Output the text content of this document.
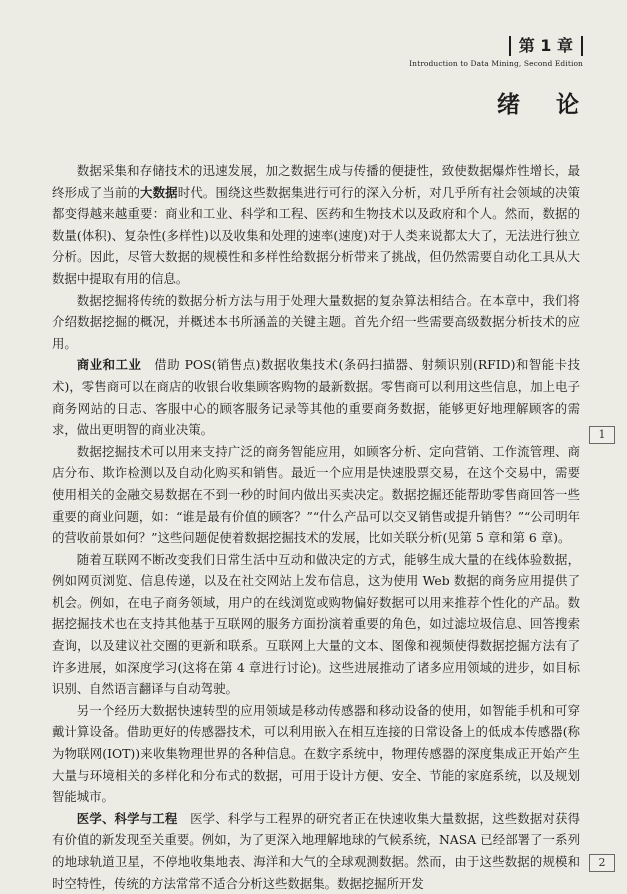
第 1 章
Introduction to Data Mining, Second Edition
绪论

数据采集和存储技术的迅速发展，加之数据生成与传播的便捷性，致使数据爆炸性增长，最终形成了当前的大数据时代。围绕这些数据集进行可行的深入分析，对几乎所有社会领域的决策都变得越来越重要：商业和工业、科学和工程、医药和生物技术以及政府和个人。然而，数据的数量(体积)、复杂性(多样性)以及收集和处理的速率(速度)对于人类来说都太大了，无法进行独立分析。因此，尽管大数据的规模性和多样性给数据分析带来了挑战，但仍然需要自动化工具从大数据中提取有用的信息。

数据挖掘将传统的数据分析方法与用于处理大量数据的复杂算法相结合。在本章中，我们将介绍数据挖掘的概况，并概述本书所涵盖的关键主题。首先介绍一些需要高级数据分析技术的应用。

商业和工业　 借助 POS(销售点)数据收集技术(条码扫描器、射频识别(RFID)和智能卡技术)，零售商可以在商店的收银台收集顾客购物的最新数据。零售商可以利用这些信息，加上电子商务网站的日志、客服中心的顾客服务记录等其他的重要商务数据，能够更好地理解顾客的需求，做出更明智的商业决策。

数据挖掘技术可以用来支持广泛的商务智能应用，如顾客分析、定向营销、工作流管理、商店分布、欺诈检测以及自动化购买和销售。最近一个应用是快速股票交易，在这个交易中，需要使用相关的金融交易数据在不到一秒的时间内做出买卖决定。数据挖掘还能帮助零售商回答一些重要的商业问题，如：“谁是最有价值的顾客？”“什么产品可以交叉销售或提升销售？”“公司明年的营收前景如何？”这些问题促使着数据挖掘技术的发展，比如关联分析(见第 5 章和第 6 章)。

随着互联网不断改变我们日常生活中互动和做决定的方式，能够生成大量的在线体验数据，例如网页浏览、信息传递，以及在社交网站上发布信息，这为使用 Web 数据的商务应用提供了机会。例如，在电子商务领域，用户的在线浏览或购物偏好数据可以用来推荐个性化的产品。数据挖掘技术也在支持其他基于互联网的服务方面扮演着重要的角色，如过滤垃圾信息、回答搜索查询，以及建议社交圈的更新和联系。互联网上大量的文本、图像和视频使得数据挖掘方法有了许多进展，如深度学习(这将在第 4 章进行讨论)。这些进展推动了诸多应用领域的进步，如目标识别、自然语言翻译与自动驾驶。

另一个经历大数据快速转型的应用领域是移动传感器和移动设备的使用，如智能手机和可穿戴计算设备。借助更好的传感器技术，可以利用嵌入在相互连接的日常设备上的低成本传感器(称为物联网(IOT))来收集物理世界的各种信息。在数字系统中，物理传感器的深度集成正开始产生大量与环境相关的多样化和分布式的数据，可用于设计方便、安全、节能的家庭系统，以及规划智能城市。

医学、科学与工程　 医学、科学与工程界的研究者正在快速收集大量数据，这些数据对获得有价值的新发现至关重要。例如，为了更深入地理解地球的气候系统，NASA 已经部署了一系列的地球轨道卫星，不停地收集地表、海洋和大气的全球观测数据。然而，由于这些数据的规模和时空特性，传统的方法常常不适合分析这些数据集。数据挖掘所开发

1
2
